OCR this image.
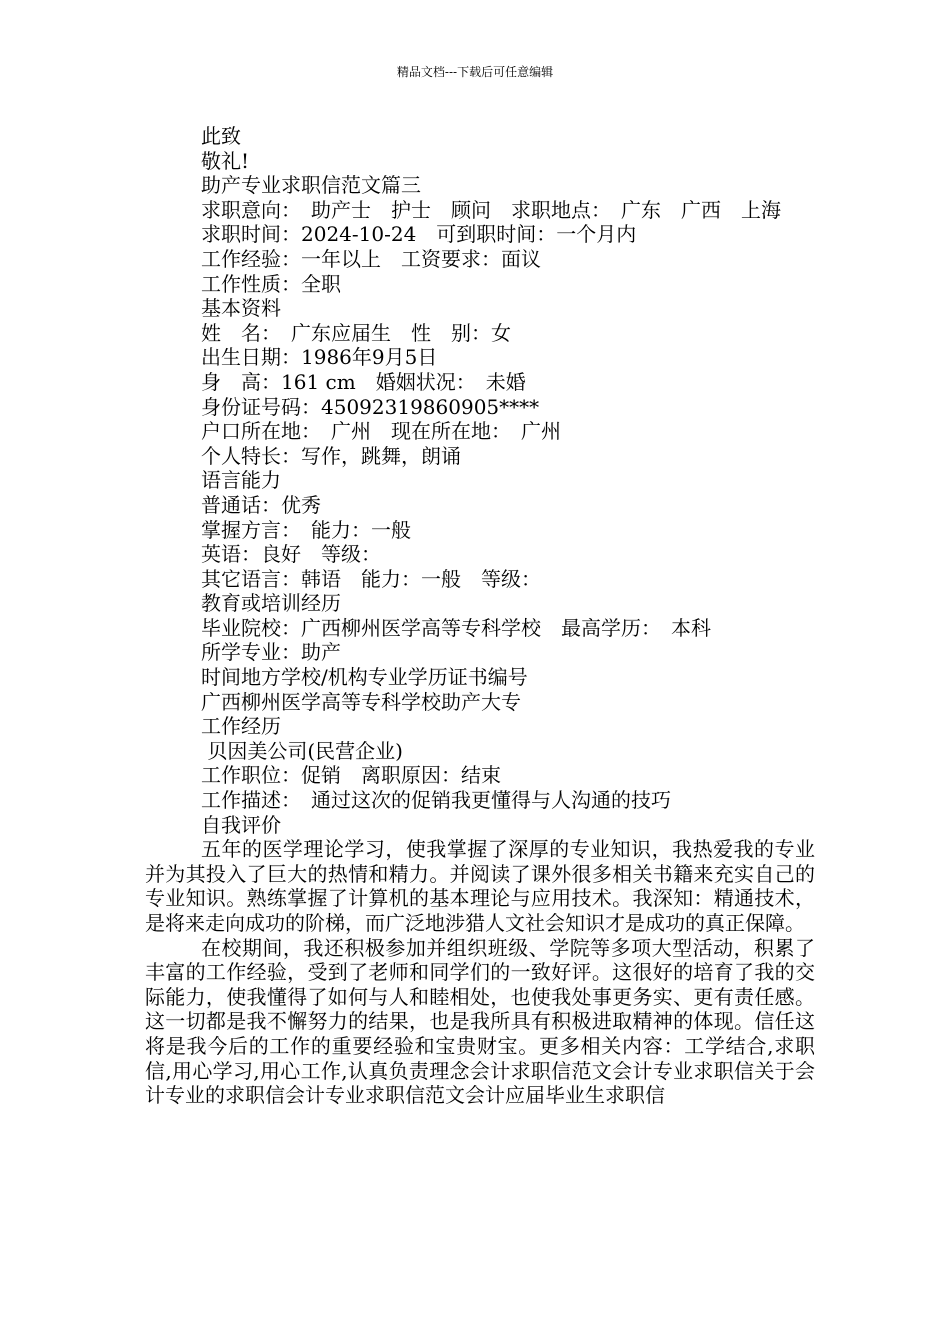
精品文档---下载后可任意编辑
此致
敬礼!
助产专业求职信范文篇三
求职意向：　助产士　护士　顾问　求职地点：　广东　广西　上海
求职时间：2024-10-24　可到职时间：一个月内
工作经验：一年以上　工资要求：面议
工作性质：全职
基本资料
姓　名：　广东应届生　性　别：女
出生日期：1986年9月5日
身　高：161 cm　婚姻状况：　未婚
身份证号码：45092319860905****
户口所在地：　广州　现在所在地：　广州
个人特长：写作，跳舞，朗诵
语言能力
普通话：优秀
掌握方言：　能力：一般
英语：良好　等级：
其它语言：韩语　能力：一般　等级：
教育或培训经历
毕业院校：广西柳州医学高等专科学校　最高学历：　本科
所学专业：助产
时间地方学校/机构专业学历证书编号
广西柳州医学高等专科学校助产大专
工作经历
贝因美公司(民营企业)
工作职位：促销　离职原因：结束
工作描述：　通过这次的促销我更懂得与人沟通的技巧
自我评价
五年的医学理论学习，使我掌握了深厚的专业知识，我热爱我的专业并为其投入了巨大的热情和精力。并阅读了课外很多相关书籍来充实自己的专业知识。熟练掌握了计算机的基本理论与应用技术。我深知：精通技术，是将来走向成功的阶梯，而广泛地涉猎人文社会知识才是成功的真正保障。
在校期间，我还积极参加并组织班级、学院等多项大型活动，积累了丰富的工作经验，受到了老师和同学们的一致好评。这很好的培育了我的交际能力，使我懂得了如何与人和睦相处，也使我处事更务实、更有责任感。这一切都是我不懈努力的结果，也是我所具有积极进取精神的体现。信任这将是我今后的工作的重要经验和宝贵财宝。更多相关内容：工学结合,求职信,用心学习,用心工作,认真负责理念会计求职信范文会计专业求职信关于会计专业的求职信会计专业求职信范文会计应届毕业生求职信
